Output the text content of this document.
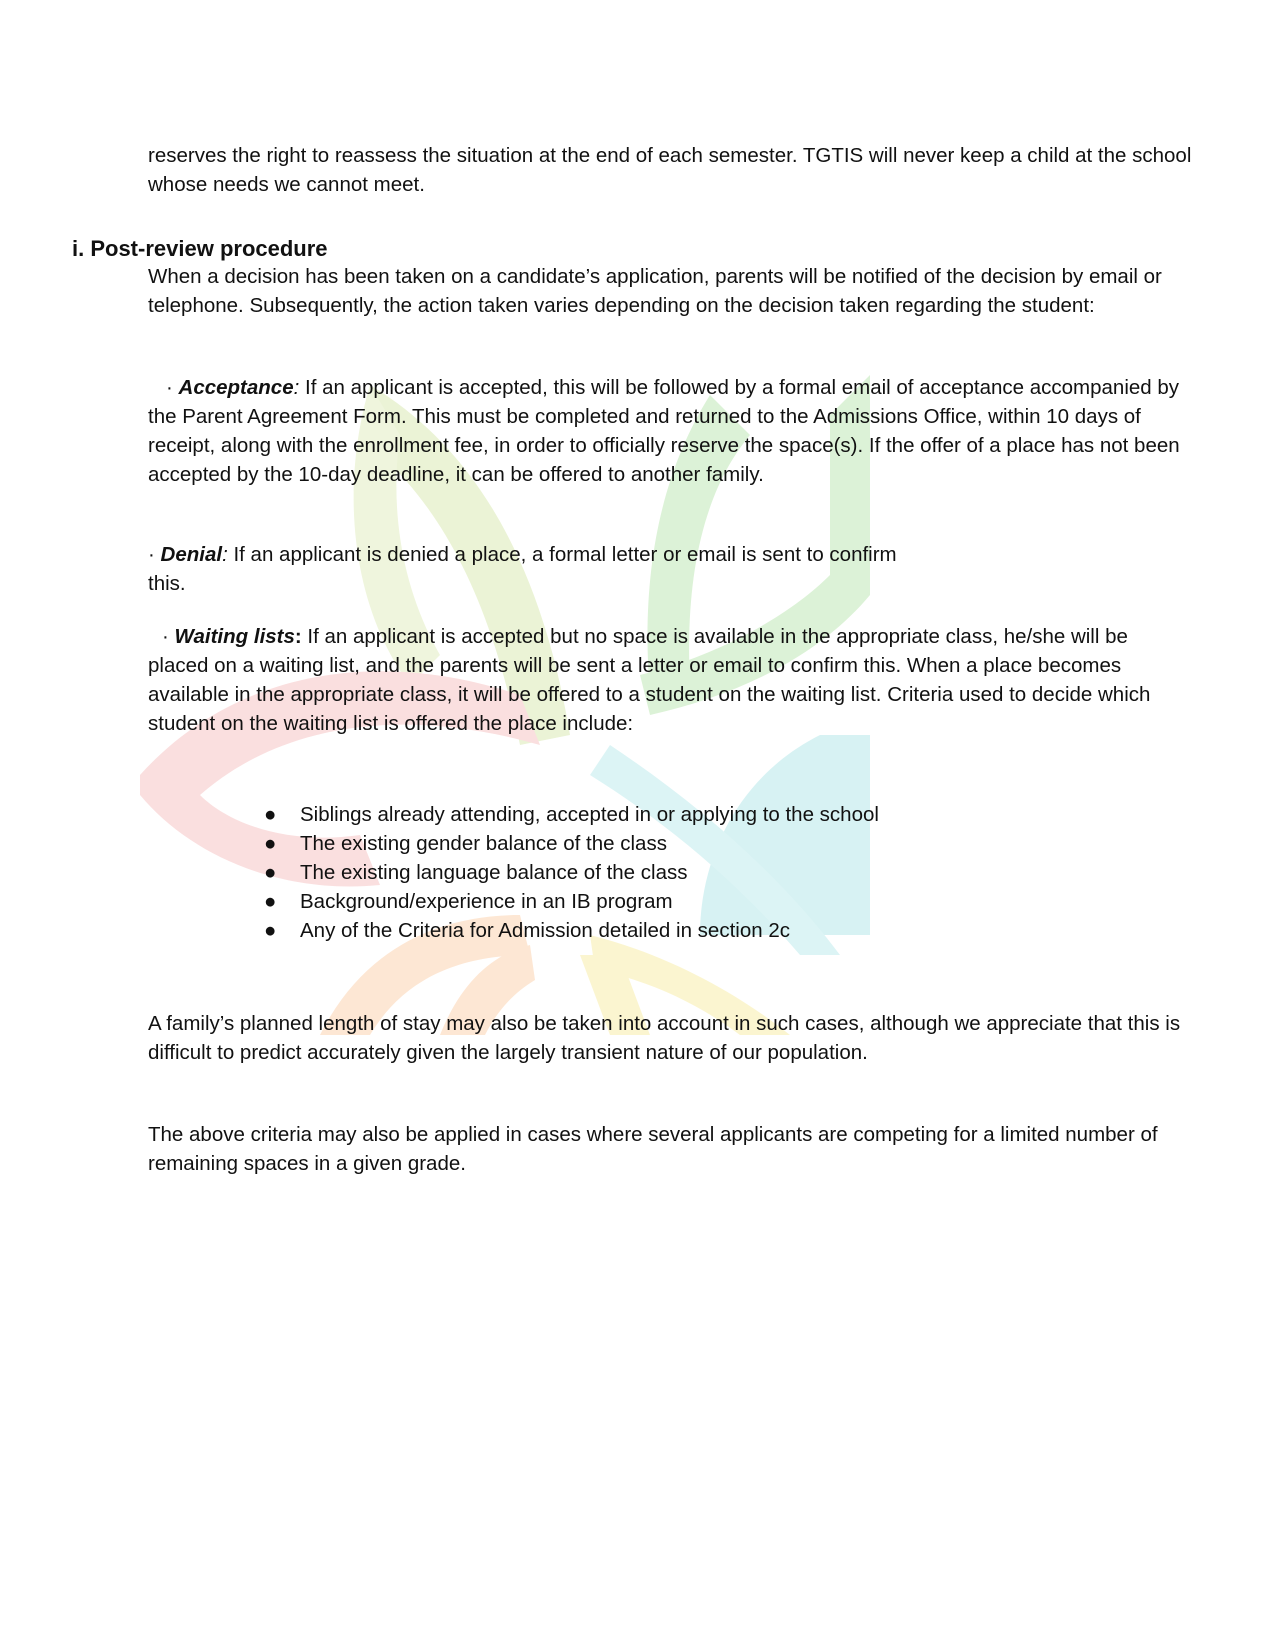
reserves the right to reassess the situation at the end of each semester. TGTIS will never keep a child at the school whose needs we cannot meet.

i. Post-review procedure

When a decision has been taken on a candidate’s application, parents will be notified of the decision by email or telephone. Subsequently, the action taken varies depending on the decision taken regarding the student:

· Acceptance: If an applicant is accepted, this will be followed by a formal email of acceptance accompanied by the Parent Agreement Form. This must be completed and returned to the Admissions Office, within 10 days of receipt, along with the enrollment fee, in order to officially reserve the space(s). If the offer of a place has not been accepted by the 10-day deadline, it can be offered to another family.

· Denial: If an applicant is denied a place, a formal letter or email is sent to confirm
this.

· Waiting lists: If an applicant is accepted but no space is available in the appropriate class, he/she will be placed on a waiting list, and the parents will be sent a letter or email to confirm this. When a place becomes available in the appropriate class, it will be offered to a student on the waiting list. Criteria used to decide which student on the waiting list is offered the place include:

● Siblings already attending, accepted in or applying to the school
● The existing gender balance of the class
● The existing language balance of the class
● Background/experience in an IB program
● Any of the Criteria for Admission detailed in section 2c

A family’s planned length of stay may also be taken into account in such cases, although we appreciate that this is difficult to predict accurately given the largely transient nature of our population.

The above criteria may also be applied in cases where several applicants are competing for a limited number of remaining spaces in a given grade.
